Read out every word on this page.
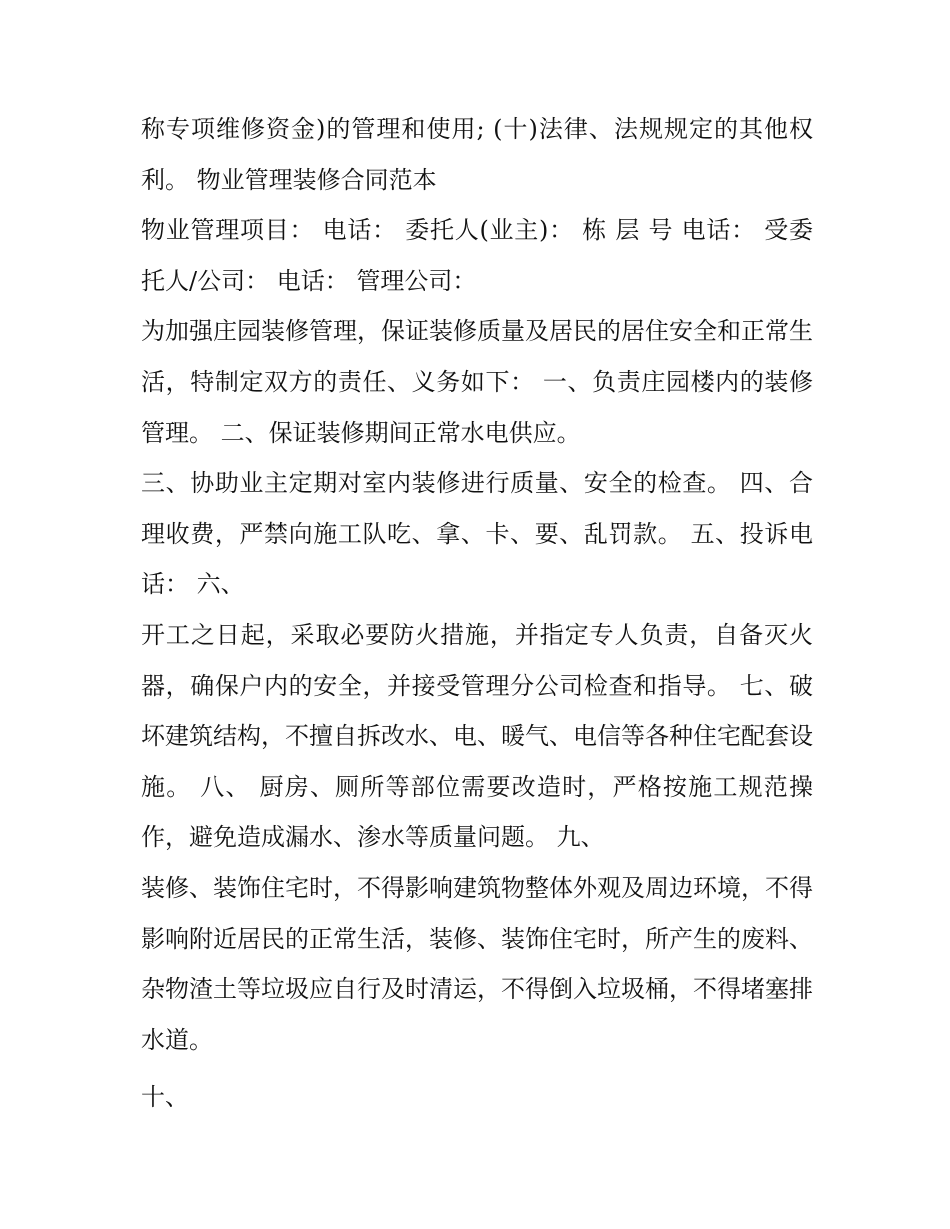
称专项维修资金)的管理和使用; (十)法律、法规规定的其他权利。 物业管理装修合同范本

物业管理项目： 电话： 委托人(业主)： 栋 层 号 电话： 受委托人/公司： 电话： 管理公司：

为加强庄园装修管理，保证装修质量及居民的居住安全和正常生活，特制定双方的责任、义务如下： 一、负责庄园楼内的装修管理。 二、保证装修期间正常水电供应。

三、协助业主定期对室内装修进行质量、安全的检查。 四、合理收费，严禁向施工队吃、拿、卡、要、乱罚款。 五、投诉电话： 六、

开工之日起，采取必要防火措施，并指定专人负责，自备灭火器，确保户内的安全，并接受管理分公司检查和指导。 七、破坏建筑结构，不擅自拆改水、电、暖气、电信等各种住宅配套设施。 八、 厨房、厕所等部位需要改造时，严格按施工规范操作，避免造成漏水、渗水等质量问题。 九、

装修、装饰住宅时，不得影响建筑物整体外观及周边环境，不得影响附近居民的正常生活，装修、装饰住宅时，所产生的废料、杂物渣土等垃圾应自行及时清运，不得倒入垃圾桶，不得堵塞排水道。

十、
